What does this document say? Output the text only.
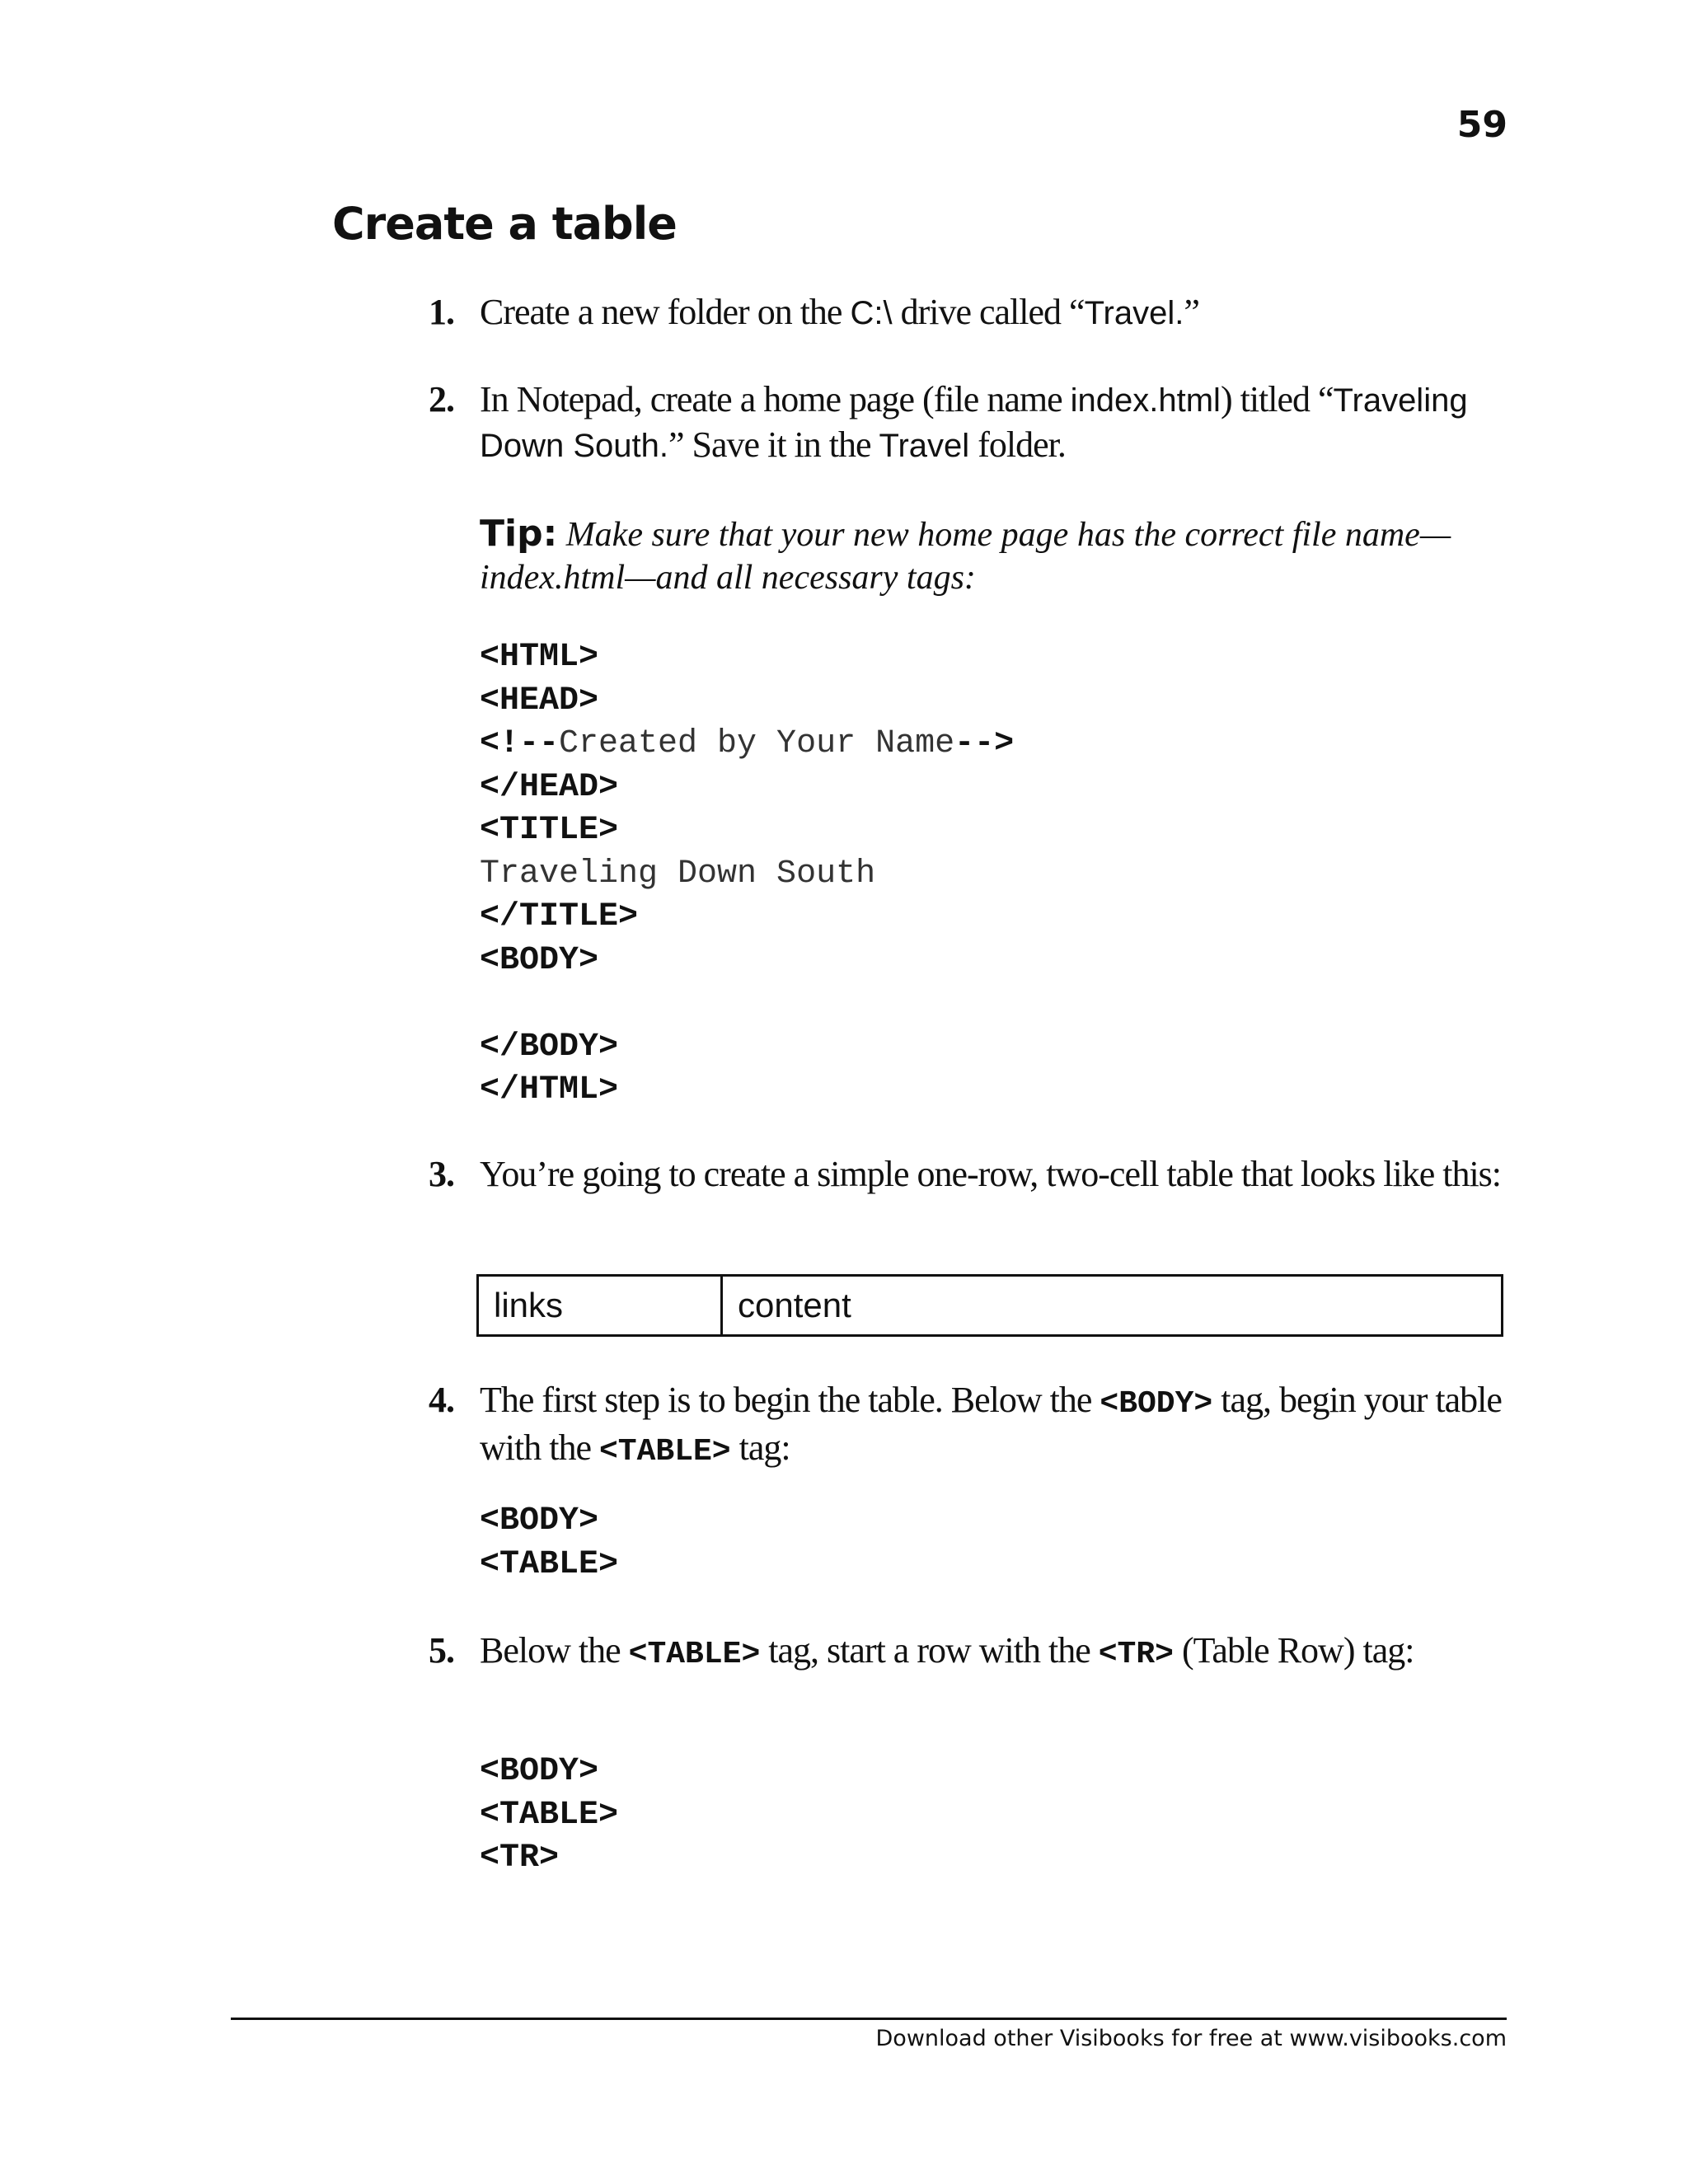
59
Create a table
1. Create a new folder on the C:\ drive called “Travel.”
2. In Notepad, create a home page (file name index.html) titled “Traveling Down South.” Save it in the Travel folder.
Tip: Make sure that your new home page has the correct file name—index.html—and all necessary tags:
<HTML>
<HEAD>
<!--Created by Your Name-->
</HEAD>
<TITLE>
Traveling Down South
</TITLE>
<BODY>
</BODY>
</HTML>
3. You’re going to create a simple one-row, two-cell table that looks like this:
links	content
4. The first step is to begin the table. Below the <BODY> tag, begin your table with the <TABLE> tag:
<BODY>
<TABLE>
5. Below the <TABLE> tag, start a row with the <TR> (Table Row) tag:
<BODY>
<TABLE>
<TR>
Download other Visibooks for free at www.visibooks.com
